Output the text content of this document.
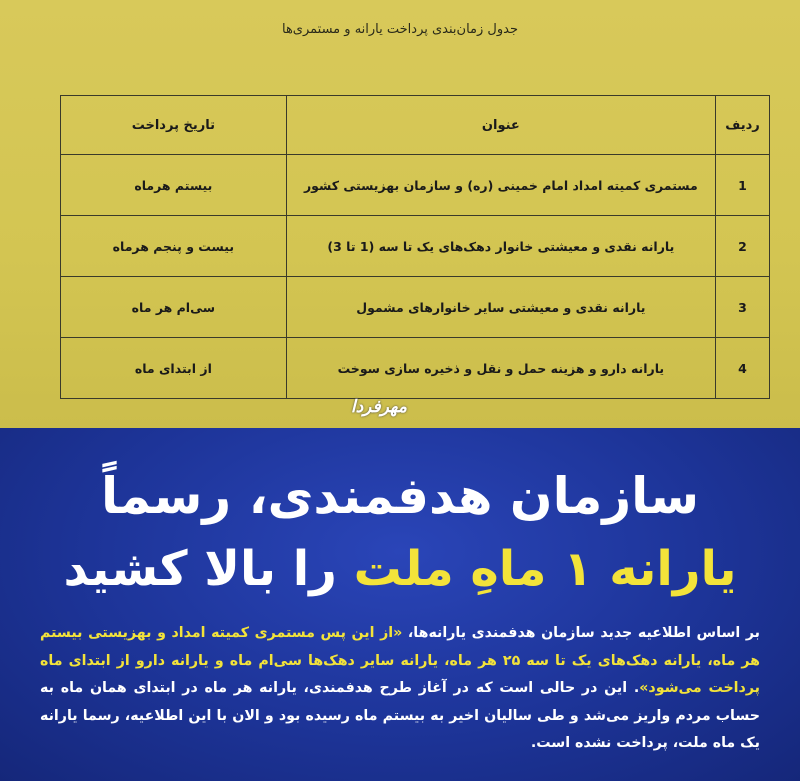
جدول زمان‌بندی پرداخت یارانه و مستمری‌ها
ردیف	عنوان	تاریخ پرداخت
1	مستمری کمیته امداد امام خمینی (ره) و سازمان بهزیستی کشور	بیستم هرماه
2	یارانه نقدی و معیشتی خانوار دهک‌های یک تا سه (1 تا 3)	بیست و پنجم هرماه
3	یارانه نقدی و معیشتی سایر خانوارهای مشمول	سی‌ام هر ماه
4	یارانه دارو و هزینه حمل و نقل و ذخیره سازی سوخت	از ابتدای ماه
مهرفردا
سازمان هدفمندی، رسماً
یارانه ۱ ماهِ ملت را بالا کشید
بر اساس اطلاعیه جدید سازمان هدفمندی یارانه‌ها، «از این پس مستمری کمیته امداد و بهزیستی بیستم هر ماه، یارانه دهک‌های یک تا سه ۲۵ هر ماه، یارانه سایر دهک‌ها سی‌ام ماه و یارانه دارو از ابتدای ماه پرداخت می‌شود». این در حالی است که در آغاز طرح هدفمندی، یارانه هر ماه در ابتدای همان ماه به حساب مردم واریز می‌شد و طی سالیان اخیر به بیستم ماه رسیده بود و الان با این اطلاعیه، رسما یارانه یک ماه ملت، پرداخت نشده است.
